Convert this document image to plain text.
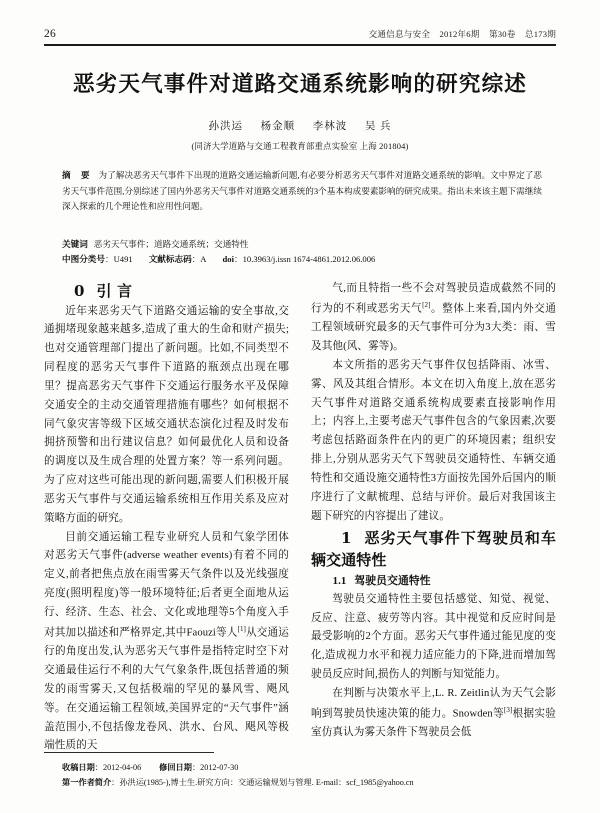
26	交通信息与安全 2012年6期 第30卷 总173期
恶劣天气事件对道路交通系统影响的研究综述
孙洪运 杨金顺 李林波 吴 兵
(同济大学道路与交通工程教育部重点实验室 上海 201804)
摘 要 为了解决恶劣天气事件下出现的道路交通运输新问题,有必要分析恶劣天气事件对道路交通系统的影响。文中界定了恶劣天气事件范围,分别综述了国内外恶劣天气事件对道路交通系统的3个基本构成要素影响的研究成果。指出未来该主题下需继续深入探索的几个理论性和应用性问题。
关键词 恶劣天气事件；道路交通系统；交通特性
中图分类号：U491 文献标志码：A doi：10.3963/j.issn 1674-4861.2012.06.006

0 引 言

近年来恶劣天气下道路交通运输的安全事故,交通拥堵现象越来越多,造成了重大的生命和财产损失;也对交通管理部门提出了新问题。比如,不同类型不同程度的恶劣天气事件下道路的瓶颈点出现在哪里？提高恶劣天气事件下交通运行服务水平及保障交通安全的主动交通管理措施有哪些？如何根据不同气象灾害等级下区域交通状态演化过程及时发布拥挤预警和出行建议信息？如何最优化人员和设备的调度以及生成合理的处置方案？等一系列问题。为了应对这些可能出现的新问题,需要人们积极开展恶劣天气事件与交通运输系统相互作用关系及应对策略方面的研究。

目前交通运输工程专业研究人员和气象学团体对恶劣天气事件(adverse weather events)有着不同的定义,前者把焦点放在雨雪雾天气条件以及光线强度亮度(照明程度)等一般环境特征;后者更全面地从运行、经济、生态、社会、文化或地理等5个角度入手对其加以描述和严格界定,其中Faouzi等人[1]从交通运行的角度出发,认为恶劣天气事件是指特定时空下对交通最佳运行不利的大气气象条件,既包括普通的频发的雨雪雾天,又包括极端的罕见的暴风雪、飓风等。在交通运输工程领域,美国界定的“天气事件”涵盖范围小,不包括像龙卷风、洪水、台风、飓风等极端性质的天

气,而且特指一些不会对驾驶员造成截然不同的行为的不利或恶劣天气[2]。整体上来看,国内外交通工程领域研究最多的天气事件可分为3大类：雨、雪及其他(风、雾等)。

本文所指的恶劣天气事件仅包括降雨、冰雪、雾、风及其组合情形。本文在切入角度上,放在恶劣天气事件对道路交通系统构成要素直接影响作用上；内容上,主要考虑天气事件包含的气象因素,次要考虑包括路面条件在内的更广的环境因素；组织安排上,分别从恶劣天气下驾驶员交通特性、车辆交通特性和交通设施交通特性3方面按先国外后国内的顺序进行了文献梳理、总结与评价。最后对我国该主题下研究的内容提出了建议。

1 恶劣天气事件下驾驶员和车辆交通特性

1.1 驾驶员交通特性

驾驶员交通特性主要包括感觉、知觉、视觉、反应、注意、疲劳等内容。其中视觉和反应时间是最受影响的2个方面。恶劣天气事件通过能见度的变化,造成视力水平和视力适应能力的下降,进而增加驾驶员反应时间,损伤人的判断与知觉能力。

在判断与决策水平上,L. R. Zeitlin认为天气会影响到驾驶员快速决策的能力。Snowden等[3]根据实验室仿真认为雾天条件下驾驶员会低

收稿日期：2012-04-06 修回日期：2012-07-30
第一作者简介：孙洪运(1985-),博士生.研究方向：交通运输规划与管理. E-mail：scf_1985@yahoo.cn
